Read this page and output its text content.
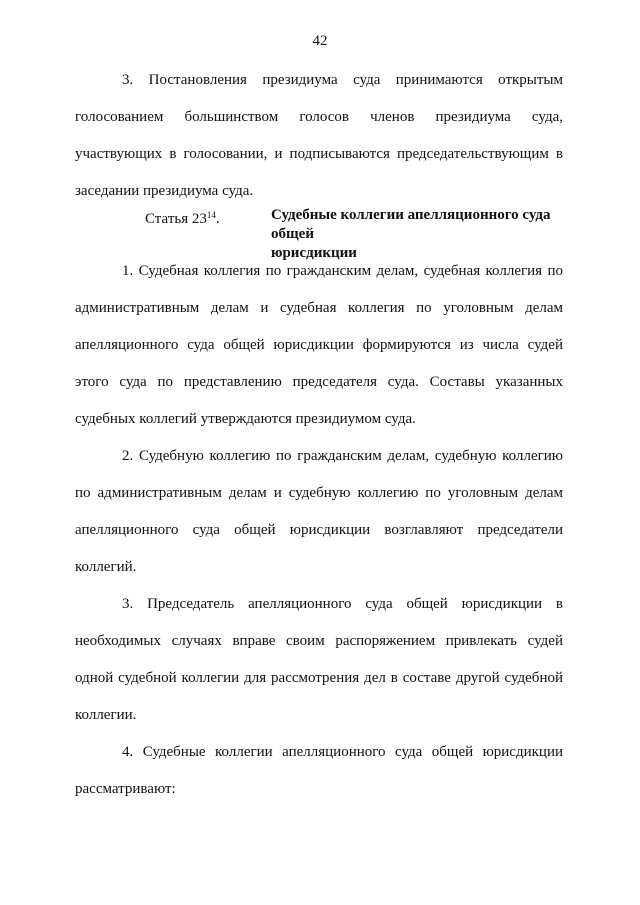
42

3. Постановления президиума суда принимаются открытым голосованием большинством голосов членов президиума суда, участвующих в голосовании, и подписываются председательствующим в заседании президиума суда.

Статья $23^{14}$.	Судебные коллегии апелляционного суда общей
юрисдикции

1. Судебная коллегия по гражданским делам, судебная коллегия по административным делам и судебная коллегия по уголовным делам апелляционного суда общей юрисдикции формируются из числа судей этого суда по представлению председателя суда. Составы указанных судебных коллегий утверждаются президиумом суда.

2. Судебную коллегию по гражданским делам, судебную коллегию по административным делам и судебную коллегию по уголовным делам апелляционного суда общей юрисдикции возглавляют председатели коллегий.

3. Председатель апелляционного суда общей юрисдикции в необходимых случаях вправе своим распоряжением привлекать судей одной судебной коллегии для рассмотрения дел в составе другой судебной коллегии.

4. Судебные коллегии апелляционного суда общей юрисдикции рассматривают:
